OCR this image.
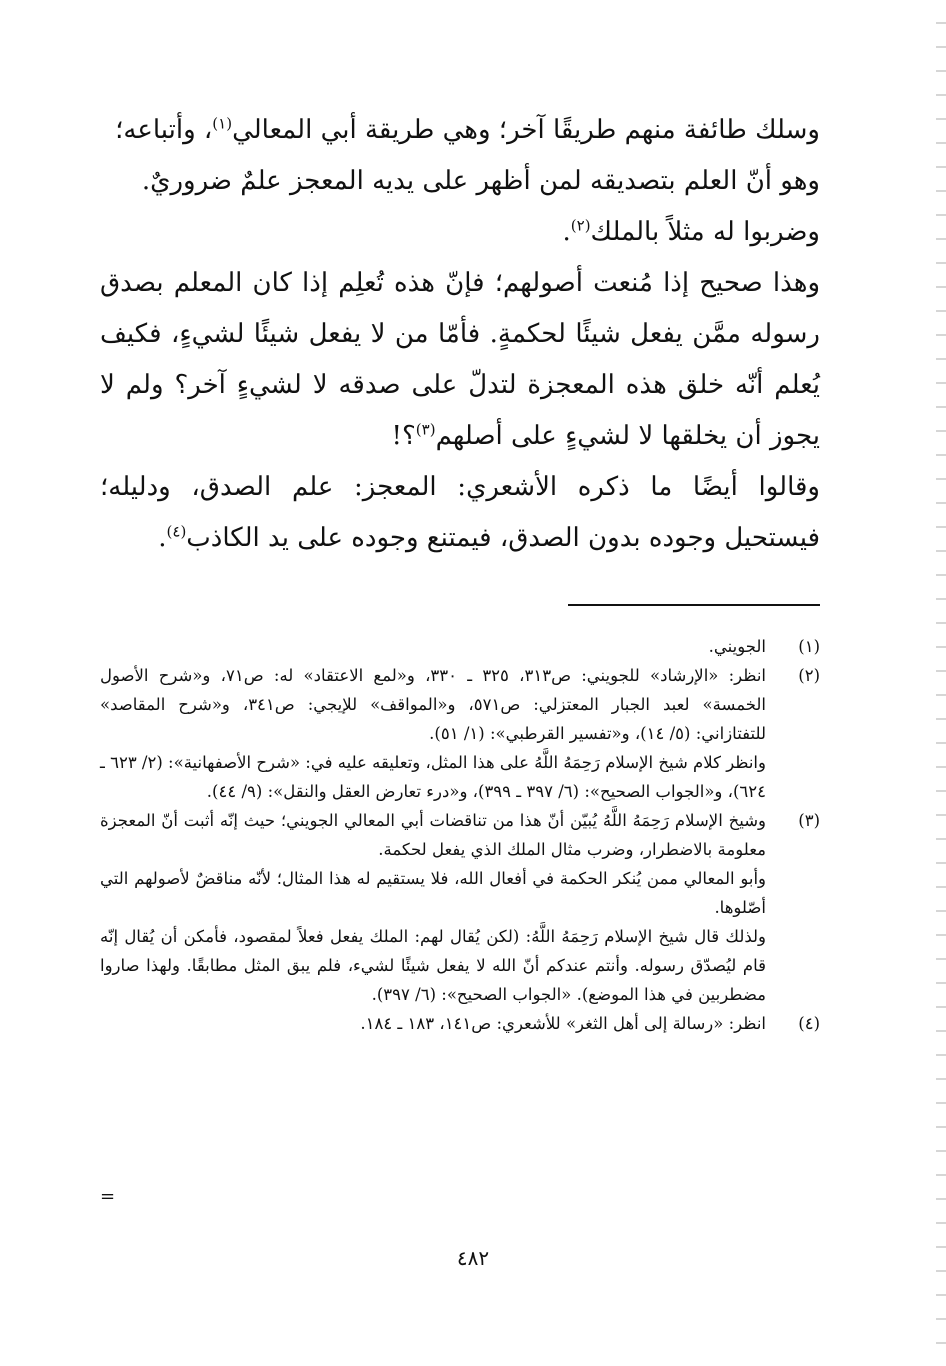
وسلك طائفة منهم طريقًا آخر؛ وهي طريقة أبي المعالي$^{(١)}$، وأتباعه؛
وهو أنّ العلم بتصديقه لمن أظهر على يديه المعجز علمٌ ضروريٌ.
وضربوا له مثلاً بالملك$^{(٢)}$.

وهذا صحيح إذا مُنعت أصولهم؛ فإنّ هذه تُعلِم إذا كان المعلم بصدق رسوله ممَّن يفعل شيئًا لحكمةٍ. فأمّا من لا يفعل شيئًا لشيءٍ، فكيف يُعلم أنّه خلق هذه المعجزة لتدلّ على صدقه لا لشيءٍ آخر؟ ولم لا يجوز أن يخلقها لا لشيءٍ على أصلهم$^{(٣)}$؟!

وقالوا أيضًا ما ذكره الأشعري: المعجز: علم الصدق، ودليله؛ فيستحيل وجوده بدون الصدق، فيمتنع وجوده على يد الكاذب$^{(٤)}$.

(١)
الجويني.
(٢)
انظر: «الإرشاد» للجويني: ص٣١٣، ٣٢٥ ـ ٣٣٠، و«لمع الاعتقاد» له: ص٧١، و«شرح الأصول الخمسة» لعبد الجبار المعتزلي: ص٥٧١، و«المواقف» للإيجي: ص٣٤١، و«شرح المقاصد» للتفتازاني: (٥/ ١٤)، و«تفسير القرطبي»: (١/ ٥١).
وانظر كلام شيخ الإسلام رَحِمَهُ اللَّهُ على هذا المثل، وتعليقه عليه في: «شرح الأصفهانية»: (٢/ ٦٢٣ ـ ٦٢٤)، و«الجواب الصحيح»: (٦/ ٣٩٧ ـ ٣٩٩)، و«درء تعارض العقل والنقل»: (٩/ ٤٤).
(٣)
وشيخ الإسلام رَحِمَهُ اللَّهُ يُبيّن أنّ هذا من تناقضات أبي المعالي الجويني؛ حيث إنّه أثبت أنّ المعجزة معلومة بالاضطرار، وضرب مثال الملك الذي يفعل لحكمة.
وأبو المعالي ممن يُنكر الحكمة في أفعال الله، فلا يستقيم له هذا المثال؛ لأنّه مناقضٌ لأصولهم التي أصّلوها.
ولذلك قال شيخ الإسلام رَحِمَهُ اللَّهُ: (لكن يُقال لهم: الملك يفعل فعلاً لمقصود، فأمكن أن يُقال إنّه قام ليُصدّق رسوله. وأنتم عندكم أنّ الله لا يفعل شيئًا لشيء، فلم يبق المثل مطابقًا. ولهذا صاروا مضطربين في هذا الموضع). «الجواب الصحيح»: (٦/ ٣٩٧).
(٤)
انظر: «رسالة إلى أهل الثغر» للأشعري: ص١٤١، ١٨٣ ـ ١٨٤.
=
٤٨٢
